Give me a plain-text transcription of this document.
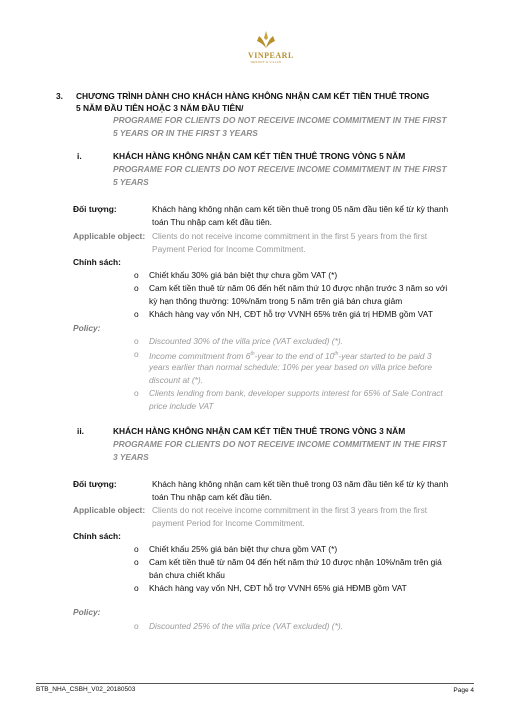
VINPEARL
RESORT & VILLAS
3. CHƯƠNG TRÌNH DÀNH CHO KHÁCH HÀNG KHÔNG NHẬN CAM KẾT TIỀN THUÊ TRONG
5 NĂM ĐẦU TIÊN HOẶC 3 NĂM ĐẦU TIÊN/
PROGRAME FOR CLIENTS DO NOT RECEIVE INCOME COMMITMENT IN THE FIRST
5 YEARS OR IN THE FIRST 3 YEARS
i.	KHÁCH HÀNG KHÔNG NHẬN CAM KẾT TIỀN THUÊ TRONG VÒNG 5 NĂM
PROGRAME FOR CLIENTS DO NOT RECEIVE INCOME COMMITMENT IN THE FIRST
5 YEARS
Đối tượng:	Khách hàng không nhận cam kết tiền thuê trong 05 năm đầu tiên kể từ kỳ thanh
toán Thu nhập cam kết đầu tiên.
Applicable object: Clients do not receive income commitment in the first 5 years from the first
Payment Period for Income Commitment.
Chính sách:
o	Chiết khấu 30% giá bán biệt thự chưa gồm VAT (*)
o	Cam kết tiền thuê từ năm 06 đến hết năm thứ 10 được nhận trước 3 năm so với
kỳ hạn thông thường: 10%/năm trong 5 năm trên giá bán chưa giảm
o	Khách hàng vay vốn NH, CĐT hỗ trợ VVNH 65% trên giá trị HĐMB gồm VAT
Policy:
o	Discounted 30% of the villa price (VAT excluded) (*).
o	Income commitment from 6th-year to the end of 10th-year started to be paid 3
years earlier than normal schedule: 10% per year based on villa price before
discount at (*).
o	Clients lending from bank, developer supports interest for 65% of Sale Contract
price include VAT
ii.	KHÁCH HÀNG KHÔNG NHẬN CAM KẾT TIỀN THUÊ TRONG VÒNG 3 NĂM
PROGRAME FOR CLIENTS DO NOT RECEIVE INCOME COMMITMENT IN THE FIRST
3 YEARS
Đối tượng:	Khách hàng không nhận cam kết tiền thuê trong 03 năm đầu tiên kể từ kỳ thanh
toán Thu nhập cam kết đầu tiên.
Applicable object: Clients do not receive income commitment in the first 3 years from the first
payment Period for Income Commitment.
Chính sách:
o	Chiết khấu 25% giá bán biệt thự chưa gồm VAT (*)
o	Cam kết tiền thuê từ năm 04 đến hết năm thứ 10 được nhận 10%/năm trên giá
bán chưa chiết khấu
o	Khách hàng vay vốn NH, CĐT hỗ trợ VVNH 65% giá HĐMB gồm VAT
Policy:
o	Discounted 25% of the villa price (VAT excluded) (*).
BTB_NHA_CSBH_V02_20180503	Page 4
